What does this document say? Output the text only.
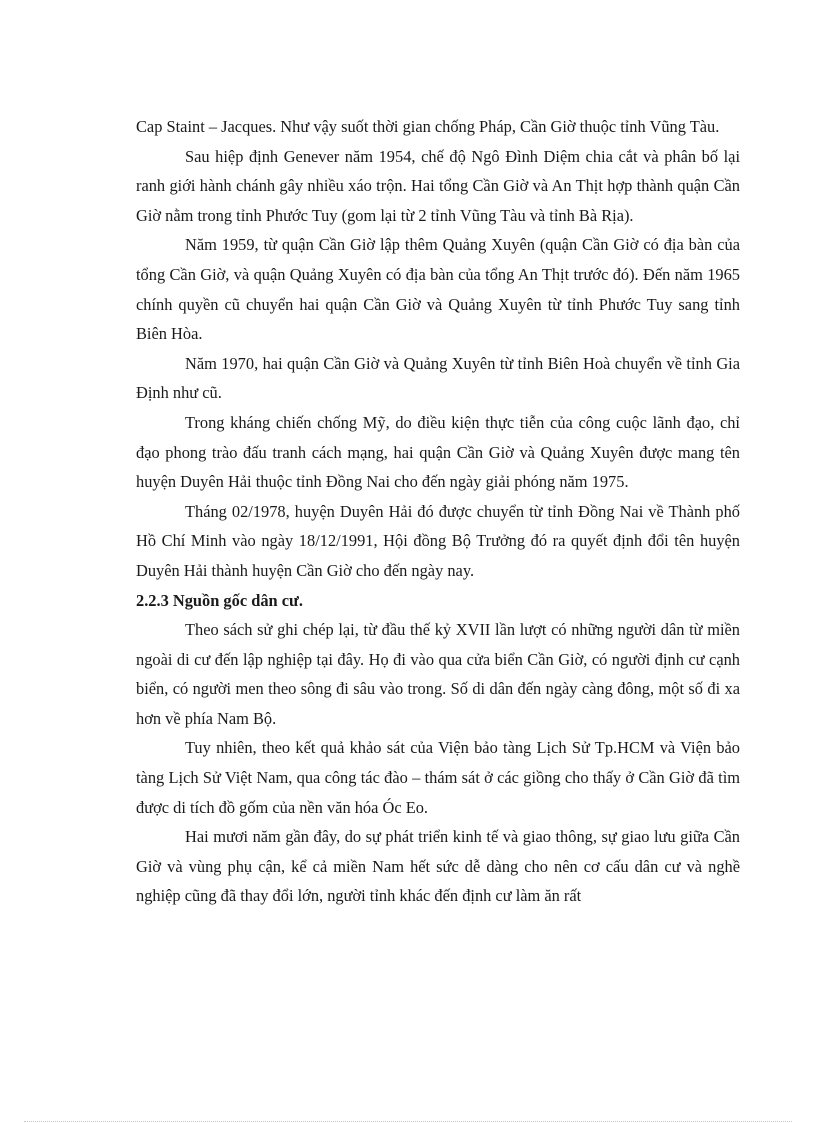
Cap Staint – Jacques. Như vậy suốt thời gian chống Pháp, Cần Giờ thuộc tỉnh Vũng Tàu.

Sau hiệp định Genever năm 1954, chế độ Ngô Đình Diệm chia cắt và phân bố lại ranh giới hành chánh gây nhiều xáo trộn. Hai tổng Cần Giờ và An Thịt hợp thành quận Cần Giờ nằm trong tỉnh Phước Tuy (gom lại từ 2 tỉnh Vũng Tàu và tỉnh Bà Rịa).

Năm 1959, từ quận Cần Giờ lập thêm Quảng Xuyên (quận Cần Giờ có địa bàn của tổng Cần Giờ, và quận Quảng Xuyên có địa bàn của tổng An Thịt trước đó). Đến năm 1965 chính quyền cũ chuyển hai quận Cần Giờ và Quảng Xuyên từ tỉnh Phước Tuy sang tỉnh Biên Hòa.

Năm 1970, hai quận Cần Giờ và Quảng Xuyên từ tỉnh Biên Hoà chuyển về tỉnh Gia Định như cũ.

Trong kháng chiến chống Mỹ, do điều kiện thực tiễn của công cuộc lãnh đạo, chỉ đạo phong trào đấu tranh cách mạng, hai quận Cần Giờ và Quảng Xuyên được mang tên huyện Duyên Hải thuộc tỉnh Đồng Nai cho đến ngày giải phóng năm 1975.

Tháng 02/1978, huyện Duyên Hải đó được chuyển từ tỉnh Đồng Nai về Thành phố Hồ Chí Minh vào ngày 18/12/1991, Hội đồng Bộ Trưởng đó ra quyết định đổi tên huyện Duyên Hải thành huyện Cần Giờ cho đến ngày nay.

2.2.3 Nguồn gốc dân cư.

Theo sách sử ghi chép lại, từ đầu thế kỷ XVII lần lượt có những người dân từ miền ngoài di cư đến lập nghiệp tại đây. Họ đi vào qua cửa biển Cần Giờ, có người định cư cạnh biển, có người men theo sông đi sâu vào trong. Số di dân đến ngày càng đông, một số đi xa hơn về phía Nam Bộ.

Tuy nhiên, theo kết quả khảo sát của Viện bảo tàng Lịch Sử Tp.HCM và Viện bảo tàng Lịch Sử Việt Nam, qua công tác đào – thám sát ở các giồng cho thấy ở Cần Giờ đã tìm được di tích đồ gốm của nền văn hóa Óc Eo.

Hai mươi năm gần đây, do sự phát triển kinh tế và giao thông, sự giao lưu giữa Cần Giờ và vùng phụ cận, kể cả miền Nam hết sức dễ dàng cho nên cơ cấu dân cư và nghề nghiệp cũng đã thay đổi lớn, người tỉnh khác đến định cư làm ăn rất
